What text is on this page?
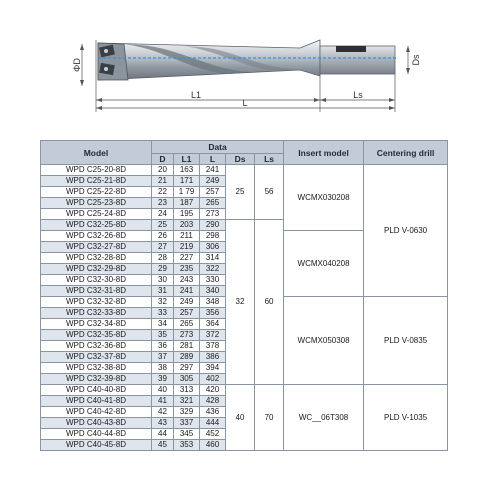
ΦD
L1
L
Ls
Ds
Model	Data					Insert model	Centering drill
	D	L1	L	Ds	Ls		
WPD C25-20-8D	20	163	241	25	56	WCMX030208	PLD V-0630
WPD C25-21-8D	21	171	249				
WPD C25-22-8D	22	1 79	257				
WPD C25-23-8D	23	187	265				
WPD C25-24-8D	24	195	273				
WPD C32-25-8D	25	203	290	32	60		
WPD C32-26-8D	26	211	298			WCMX040208	
WPD C32-27-8D	27	219	306				
WPD C32-28-8D	28	227	314				
WPD C32-29-8D	29	235	322				
WPD C32-30-8D	30	243	330				
WPD C32-31-8D	31	241	340				
WPD C32-32-8D	32	249	348			WCMX050308	PLD V-0835
WPD C32-33-8D	33	257	356				
WPD C32-34-8D	34	265	364				
WPD C32-35-8D	35	273	372				
WPD C32-36-8D	36	281	378				
WPD C32-37-8D	37	289	386				
WPD C32-38-8D	38	297	394				
WPD C32-39-8D	39	305	402				
WPD C40-40-8D	40	313	420	40	70	WC__06T308	PLD V-1035
WPD C40-41-8D	41	321	428				
WPD C40-42-8D	42	329	436				
WPD C40-43-8D	43	337	444				
WPD C40-44-8D	44	345	452				
WPD C40-45-8D	45	353	460				
